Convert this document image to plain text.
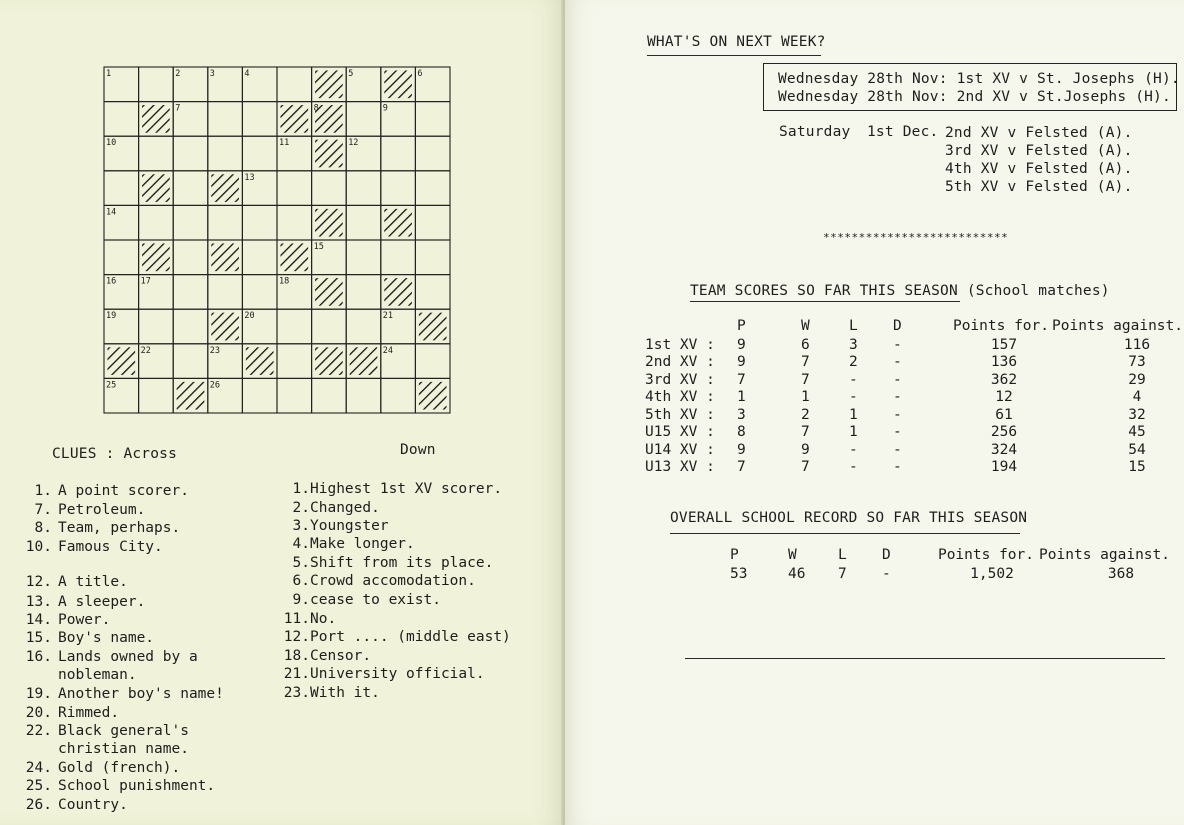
1	2	3	4	5	6
7	8	9
10	11	12
13
14
15
16	17	18
19	20	21
22	23	24
25	26
CLUES : Across	Down
1. A point scorer.
7. Petroleum.
8. Team, perhaps.
10. Famous City.
12. A title.
13. A sleeper.
14. Power.
15. Boy's name.
16. Lands owned by a
nobleman.
19. Another boy's name!
20. Rimmed.
22. Black general's
christian name.
24. Gold (french).
25. School punishment.
26. Country.
1.Highest 1st XV scorer.
2.Changed.
3.Youngster
4.Make longer.
5.Shift from its place.
6.Crowd accomodation.
9.cease to exist.
11.No.
12.Port .... (middle east)
18.Censor.
21.University official.
23.With it.
WHAT'S ON NEXT WEEK?
Wednesday 28th Nov: 1st XV v St. Josephs (H).
Wednesday 28th Nov: 2nd XV v St.Josephs (H).
Saturday 1st Dec. 2nd XV v Felsted (A).
3rd XV v Felsted (A).
4th XV v Felsted (A).
5th XV v Felsted (A).
**************************
TEAM SCORES SO FAR THIS SEASON (School matches)
	P	W	L	D	Points for.	Points against.
1st XV :	9	6	3	-	157	116
2nd XV :	9	7	2	-	136	73
3rd XV :	7	7	-	-	362	29
4th XV :	1	1	-	-	12	4
5th XV :	3	2	1	-	61	32
U15 XV :	8	7	1	-	256	45
U14 XV :	9	9	-	-	324	54
U13 XV :	7	7	-	-	194	15
OVERALL SCHOOL RECORD SO FAR THIS SEASON
P	W	L	D	Points for.	Points against.
53	46	7	-	1,502	368
